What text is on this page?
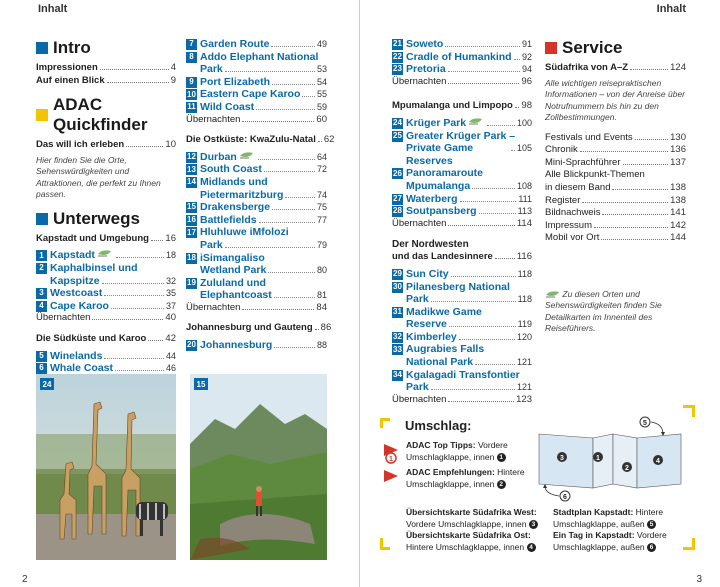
Inhalt	Inhalt
Intro
Impressionen	4
Auf einen Blick	9
ADAC Quickfinder
Das will ich erleben	10
Hier finden Sie die Orte, Sehenswürdigkeiten und Attraktionen, die perfekt zu Ihnen passen.
Unterwegs
Kapstadt und Umgebung 16
1 Kapstadt	18
2 Kaphalbinsel und
Kapspitze	32
3 Westcoast	35
4 Cape Karoo	37
Übernachten	40
Die Südküste und Karoo 42
5 Winelands	44
6 Whale Coast	46
24
7 Garden Route	49
8 Addo Elephant National
Park	53
9 Port Elizabeth	54
10 Eastern Cape Karoo 55
11 Wild Coast	59
Übernachten	60
Die Ostküste: KwaZulu-Natal 62
12 Durban	64
13 South Coast	72
14 Midlands und
Pietermaritzburg	74
15 Drakensberge	75
16 Battlefields	77
17 Hluhluwe iMfolozi
Park	79
18 iSimangaliso
Wetland Park	80
19 Zululand und
Elephantcoast	81
Übernachten	84
Johannesburg und Gauteng 86
20 Johannesburg	88
15
21 Soweto	91
22 Cradle of Humankind 92
23 Pretoria	94
Übernachten	96
Mpumalanga und Limpopo 98
24 Krüger Park	100
25 Greater Krüger Park –
Private Game Reserves
105
26 Panoramaroute
Mpumalanga	108
27 Waterberg	111
28 Soutpansberg	113
Übernachten	114
Der Nordwesten
und das Landesinnere	116
29 Sun City	118
30 Pilanesberg National
Park	118
31 Madikwe Game
Reserve	119
32 Kimberley	120
33 Augrabies Falls
National Park	121
34 Kgalagadi Transfontier
Park	121
Übernachten	123
Service
Südafrika von A–Z	124
Alle wichtigen reisepraktischen Informationen – von der Anreise über Notrufnummern bis hin zu den Zollbestimmungen.
Festivals und Events	130
Chronik	136
Mini-Sprachführer	137
Alle Blickpunkt-Themen
in diesem Band	138
Register	138
Bildnachweis	141
Impressum	142
Mobil vor Ort	144
Zu diesen Orten und Sehenswürdigkeiten finden Sie Detailkarten im Innenteil des Reiseführers.
Umschlag:
1
ADAC Top Tipps: Vordere
Umschlagklappe, innen 1
ADAC Empfehlungen: Hintere
Umschlagklappe, innen 2
5
3	1
2
4
6
Übersichtskarte Südafrika West:
Vordere Umschlagklappe, innen 3
Übersichtskarte Südafrika Ost:
Hintere Umschlagklappe, innen 4
Stadtplan Kapstadt: Hintere
Umschlagklappe, außen 5
Ein Tag in Kapstadt: Vordere
Umschlagklappe, außen 6
2	3
